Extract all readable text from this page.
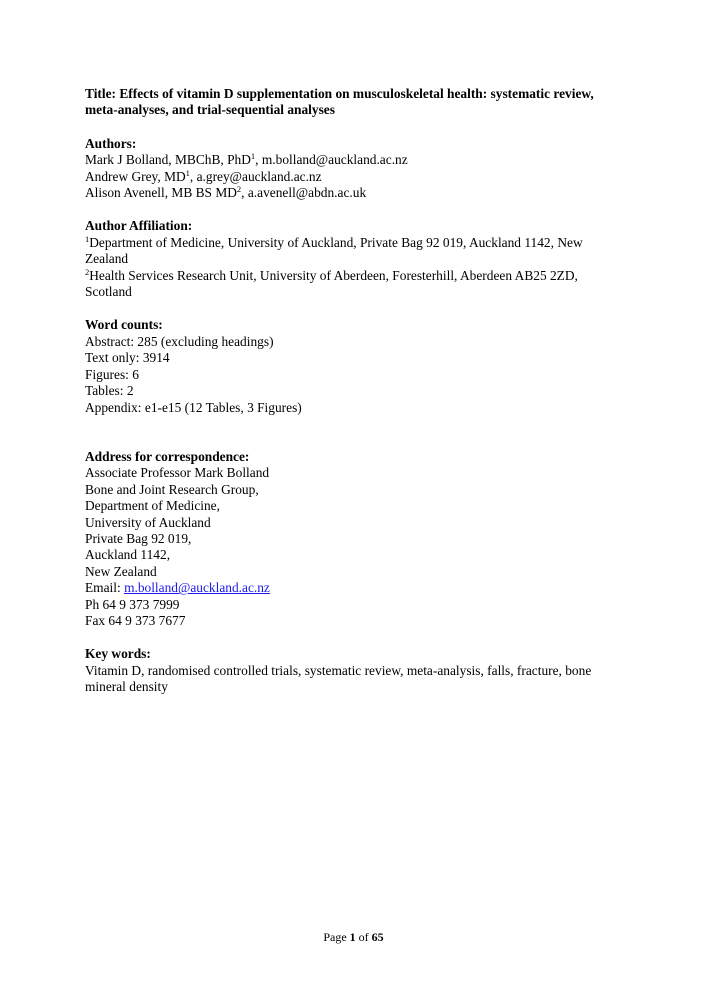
Title: Effects of vitamin D supplementation on musculoskeletal health: systematic review, meta-analyses, and trial-sequential analyses

Authors:

Mark J Bolland, MBChB, PhD$^1$, m.bolland@auckland.ac.nz

Andrew Grey, $MD^1$, a.grey@auckland.ac.nz

Alison Avenell, MB BS $MD^2$, a.avenell@abdn.ac.uk

Author Affiliation:

$^1$Department of Medicine, University of Auckland, Private Bag 92 019, Auckland 1142, New Zealand

$^2$Health Services Research Unit, University of Aberdeen, Foresterhill, Aberdeen AB25 2ZD, Scotland

Word counts:

Abstract: 285 (excluding headings)

Text only: 3914

Figures: 6

Tables: 2

Appendix: e1-e15 (12 Tables, 3 Figures)

Address for correspondence:

Associate Professor Mark Bolland

Bone and Joint Research Group,

Department of Medicine,

University of Auckland

Private Bag 92 019,

Auckland 1142,

New Zealand

Email: m.bolland@auckland.ac.nz

Ph 64 9 373 7999

Fax 64 9 373 7677

Key words:

Vitamin D, randomised controlled trials, systematic review, meta-analysis, falls, fracture, bone mineral density

Page 1 of 65
